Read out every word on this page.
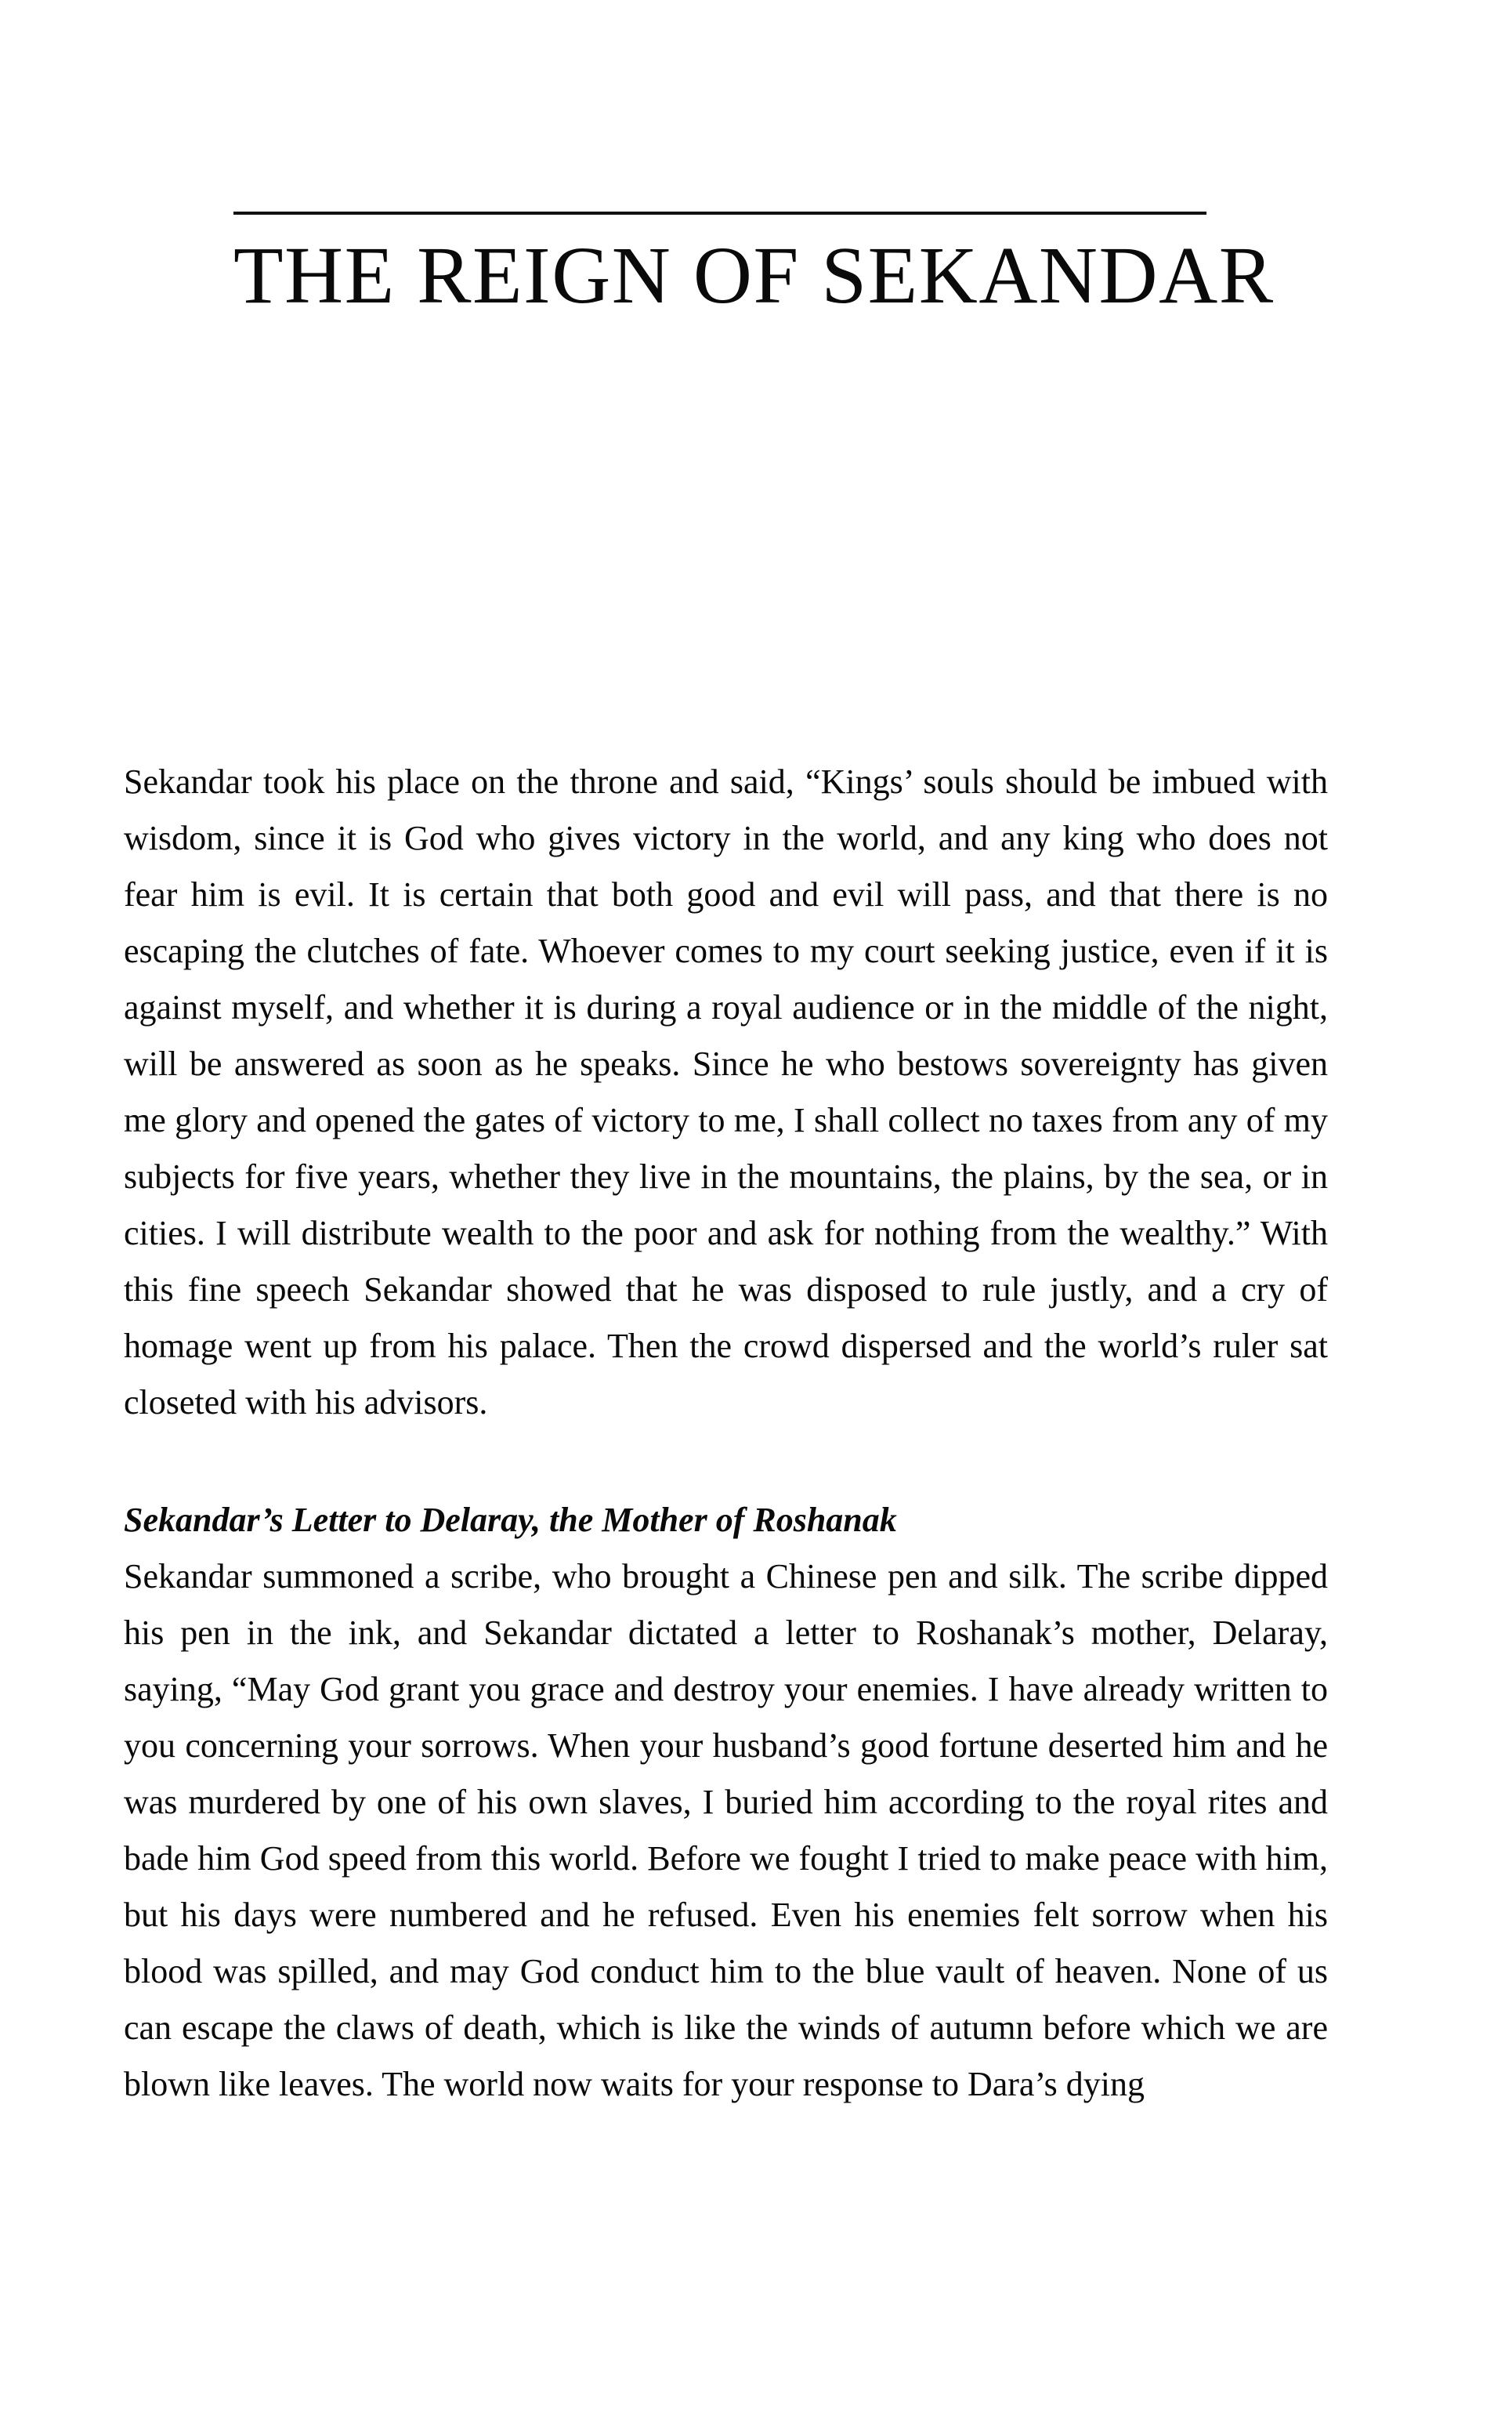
THE REIGN OF SEKANDAR

Sekandar took his place on the throne and said, “Kings’ souls should be imbued with wisdom, since it is God who gives victory in the world, and any king who does not fear him is evil. It is certain that both good and evil will pass, and that there is no escaping the clutches of fate. Whoever comes to my court seeking justice, even if it is against myself, and whether it is during a royal audience or in the middle of the night, will be answered as soon as he speaks. Since he who bestows sovereignty has given me glory and opened the gates of victory to me, I shall collect no taxes from any of my subjects for five years, whether they live in the mountains, the plains, by the sea, or in cities. I will distribute wealth to the poor and ask for nothing from the wealthy.” With this fine speech Sekandar showed that he was disposed to rule justly, and a cry of homage went up from his palace. Then the crowd dispersed and the world’s ruler sat closeted with his advisors.

Sekandar’s Letter to Delaray, the Mother of Roshanak

Sekandar summoned a scribe, who brought a Chinese pen and silk. The scribe dipped his pen in the ink, and Sekandar dictated a letter to Roshanak’s mother, Delaray, saying, “May God grant you grace and destroy your enemies. I have already written to you concerning your sorrows. When your husband’s good fortune deserted him and he was murdered by one of his own slaves, I buried him according to the royal rites and bade him God speed from this world. Before we fought I tried to make peace with him, but his days were numbered and he refused. Even his enemies felt sorrow when his blood was spilled, and may God conduct him to the blue vault of heaven. None of us can escape the claws of death, which is like the winds of autumn before which we are blown like leaves. The world now waits for your response to Dara’s dying
